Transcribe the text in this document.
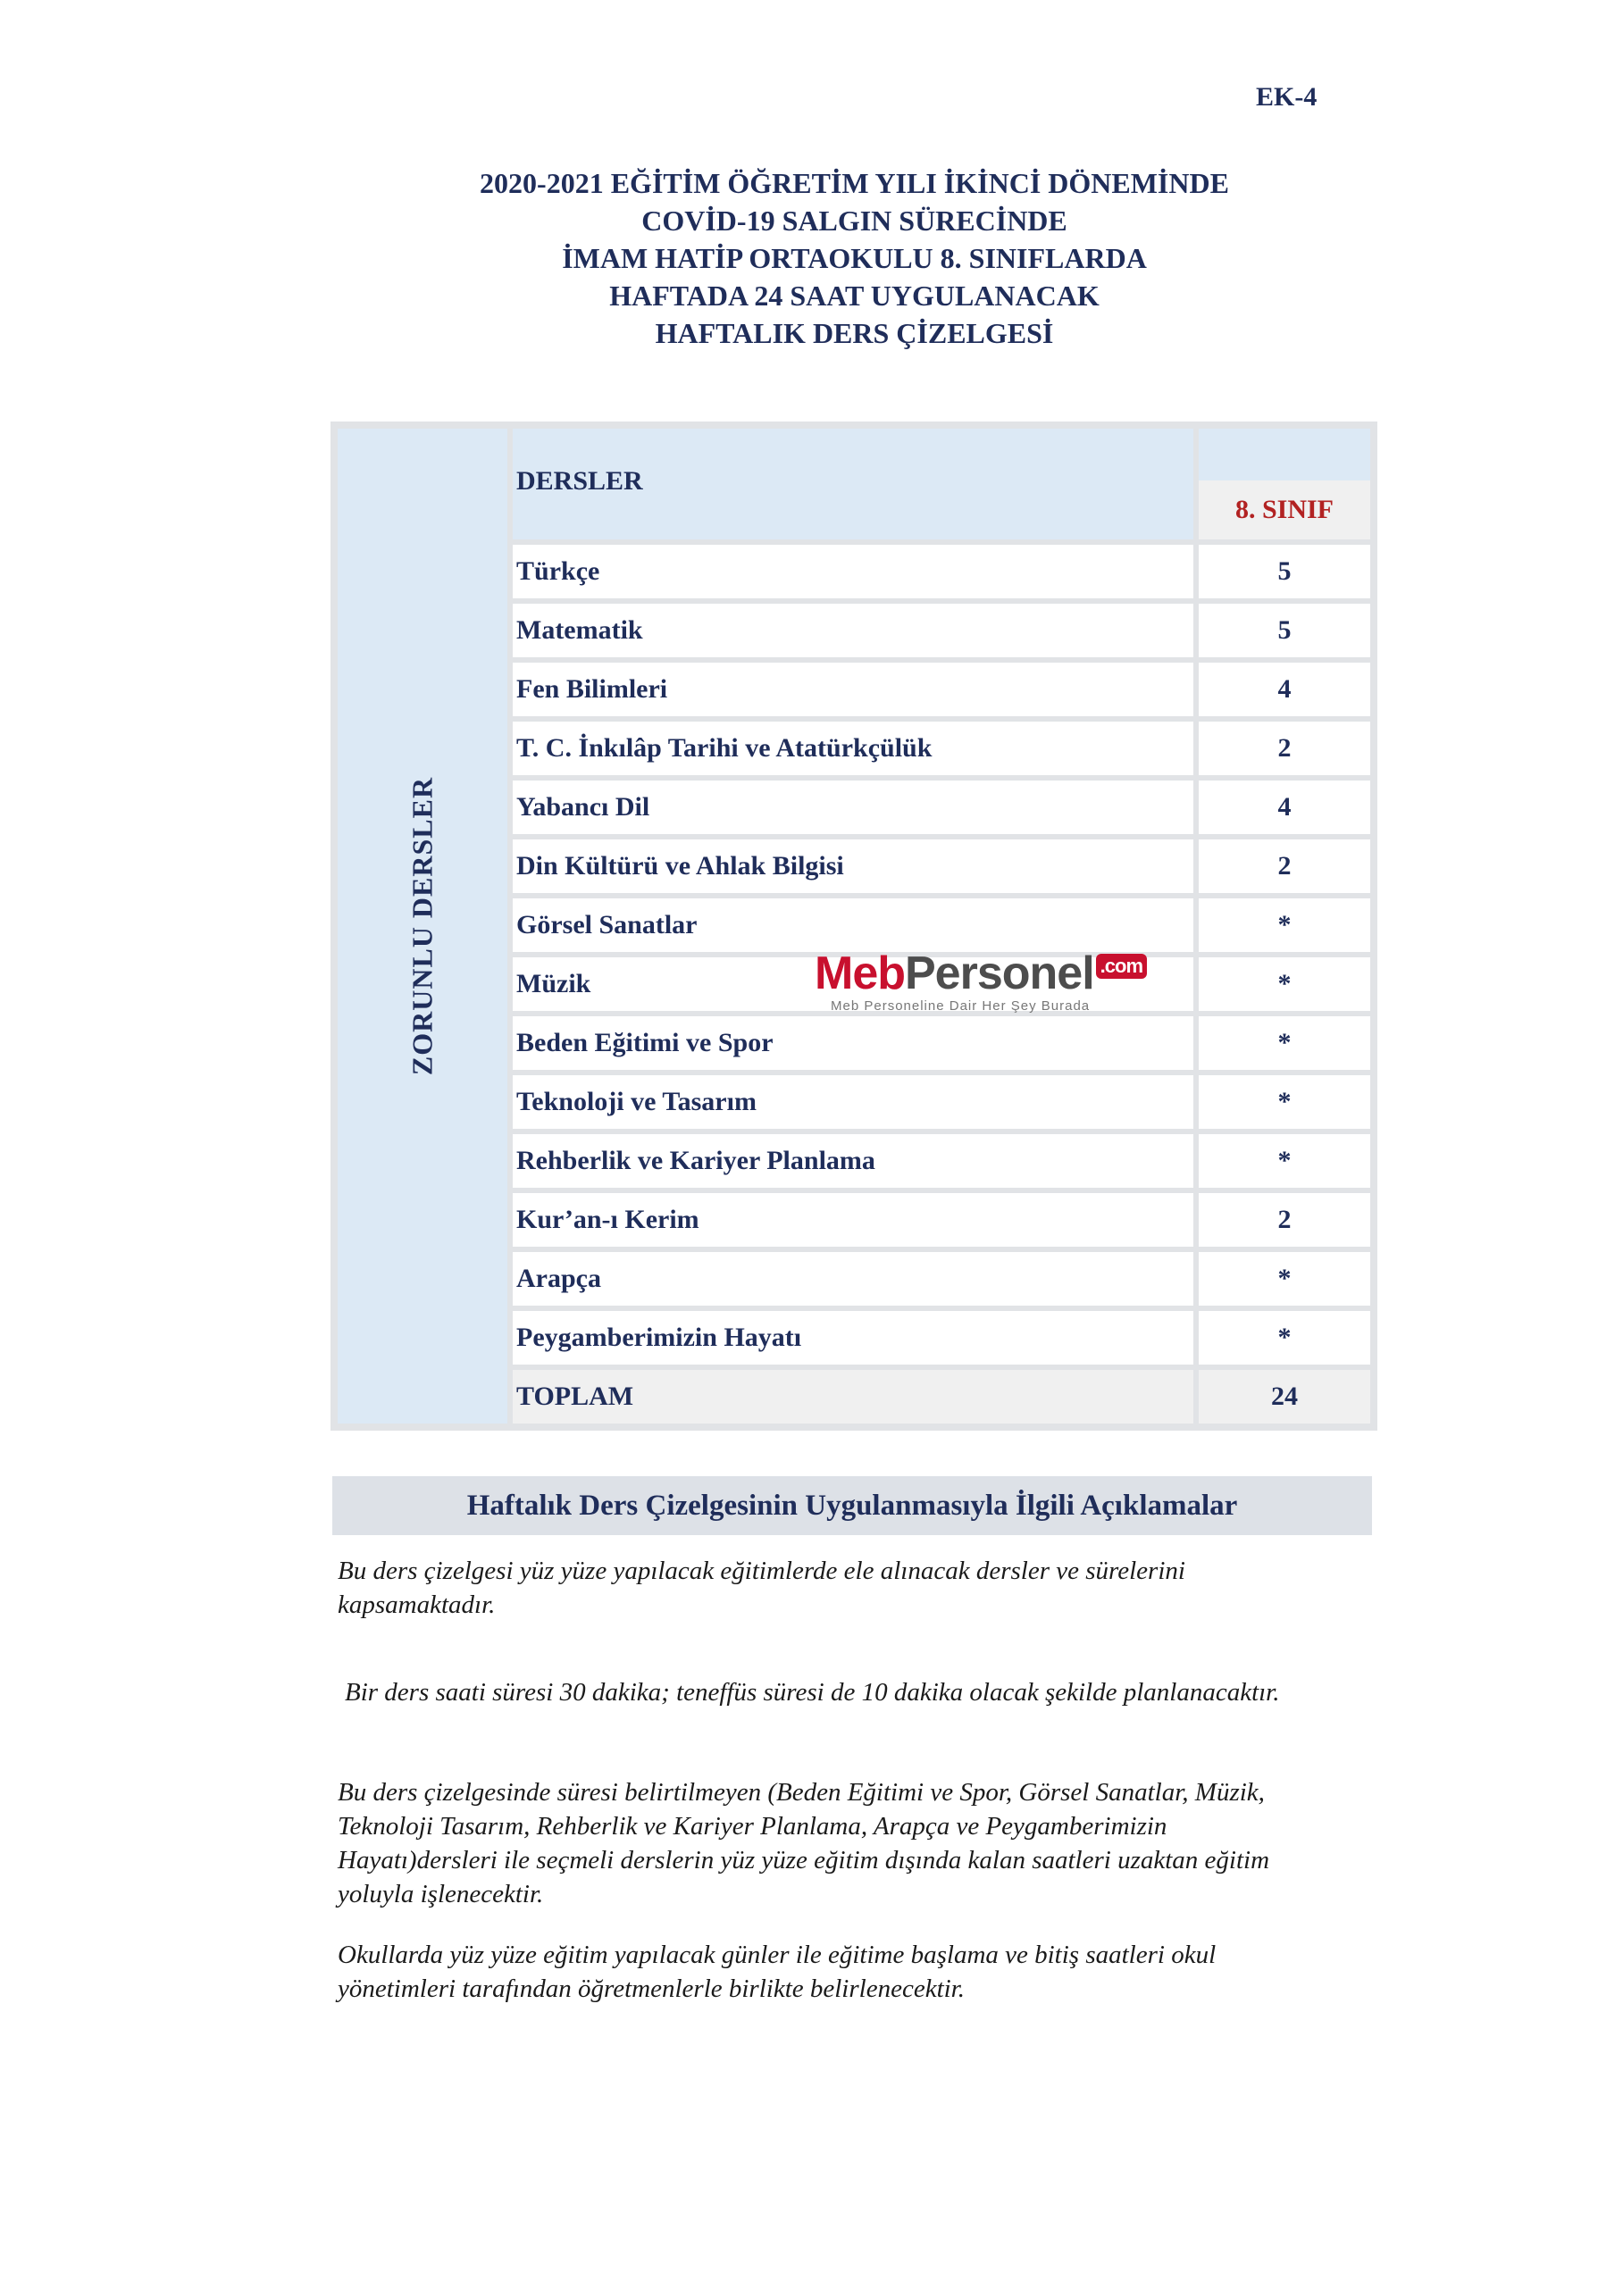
EK-4
2020-2021 EĞİTİM ÖĞRETİM YILI İKİNCİ DÖNEMİNDE
COVİD-19 SALGIN SÜRECİNDE
İMAM HATİP ORTAOKULU 8. SINIFLARDA
HAFTADA 24 SAAT UYGULANACAK
HAFTALIK DERS ÇİZELGESİ
ZORUNLU DERSLER
DERSLER
8. SINIF
Türkçe	5
Matematik	5
Fen Bilimleri	4
T. C. İnkılâp Tarihi ve Atatürkçülük	2
Yabancı Dil	4
Din Kültürü ve Ahlak Bilgisi	2
Görsel Sanatlar	*
Müzik	*
Beden Eğitimi ve Spor	*
Teknoloji ve Tasarım	*
Rehberlik ve Kariyer Planlama	*
Kur’an-ı Kerim	2
Arapça	*
Peygamberimizin Hayatı	*
TOPLAM	24
MebPersonel .com
Meb Personeline Dair Her Şey Burada
Haftalık Ders Çizelgesinin Uygulanmasıyla İlgili Açıklamalar
Bu ders çizelgesi yüz yüze yapılacak eğitimlerde ele alınacak dersler ve sürelerini kapsamaktadır.
Bir ders saati süresi 30 dakika; teneffüs süresi de 10 dakika olacak şekilde planlanacaktır.
Bu ders çizelgesinde süresi belirtilmeyen (Beden Eğitimi ve Spor, Görsel Sanatlar, Müzik, Teknoloji Tasarım, Rehberlik ve Kariyer Planlama, Arapça ve Peygamberimizin Hayatı)dersleri ile seçmeli derslerin yüz yüze eğitim dışında kalan saatleri uzaktan eğitim yoluyla işlenecektir.
Okullarda yüz yüze eğitim yapılacak günler ile eğitime başlama ve bitiş saatleri okul yönetimleri tarafından öğretmenlerle birlikte belirlenecektir.
